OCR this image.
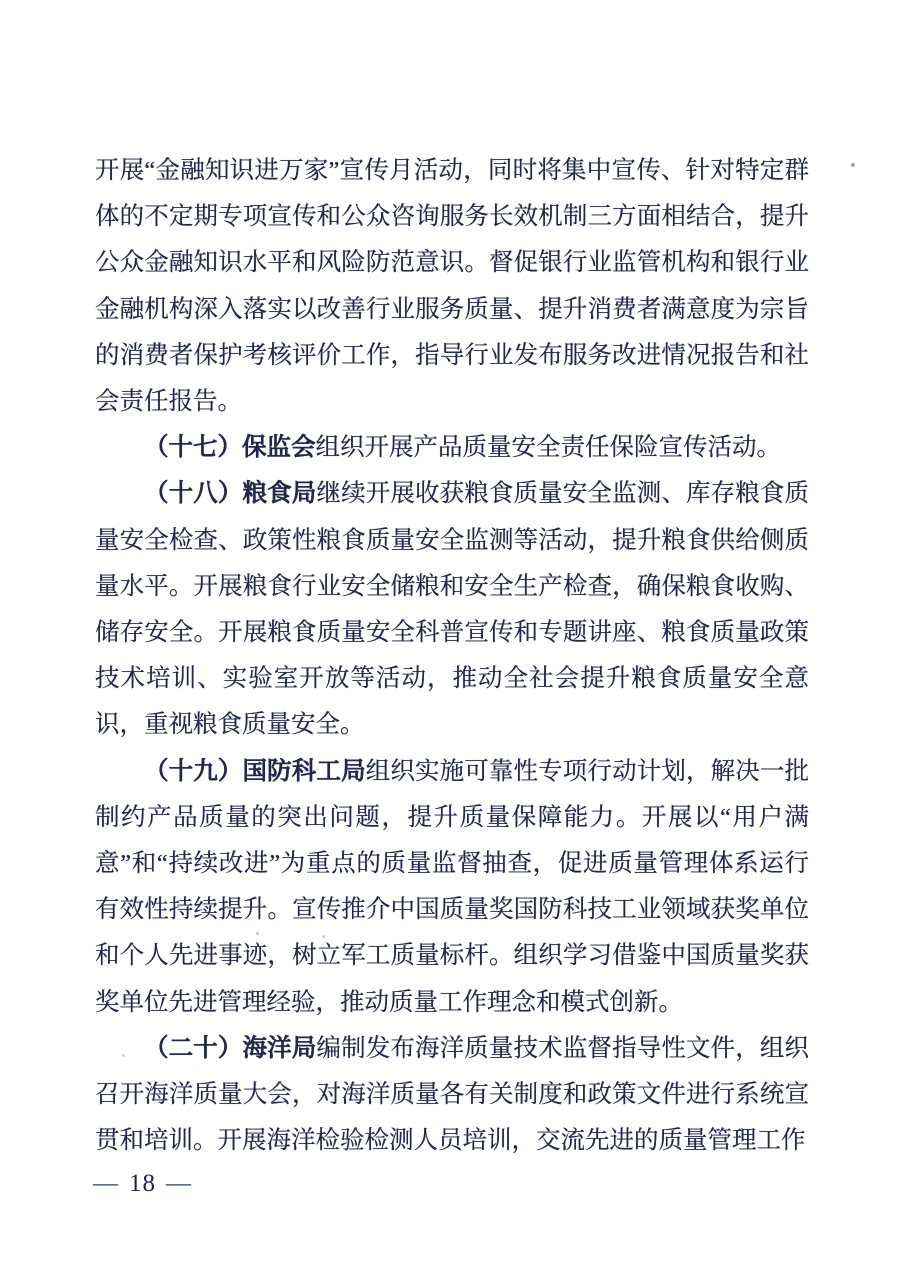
开展“金融知识进万家”宣传月活动，同时将集中宣传、针对特定群体的不定期专项宣传和公众咨询服务长效机制三方面相结合，提升公众金融知识水平和风险防范意识。督促银行业监管机构和银行业金融机构深入落实以改善行业服务质量、提升消费者满意度为宗旨的消费者保护考核评价工作，指导行业发布服务改进情况报告和社会责任报告。

（十七）保监会组织开展产品质量安全责任保险宣传活动。

（十八）粮食局继续开展收获粮食质量安全监测、库存粮食质量安全检查、政策性粮食质量安全监测等活动，提升粮食供给侧质量水平。开展粮食行业安全储粮和安全生产检查，确保粮食收购、储存安全。开展粮食质量安全科普宣传和专题讲座、粮食质量政策技术培训、实验室开放等活动，推动全社会提升粮食质量安全意识，重视粮食质量安全。

（十九）国防科工局组织实施可靠性专项行动计划，解决一批制约产品质量的突出问题，提升质量保障能力。开展以“用户满意”和“持续改进”为重点的质量监督抽查，促进质量管理体系运行有效性持续提升。宣传推介中国质量奖国防科技工业领域获奖单位和个人先进事迹，树立军工质量标杆。组织学习借鉴中国质量奖获奖单位先进管理经验，推动质量工作理念和模式创新。

（二十）海洋局编制发布海洋质量技术监督指导性文件，组织召开海洋质量大会，对海洋质量各有关制度和政策文件进行系统宣贯和培训。开展海洋检验检测人员培训，交流先进的质量管理工作

— 18 —
